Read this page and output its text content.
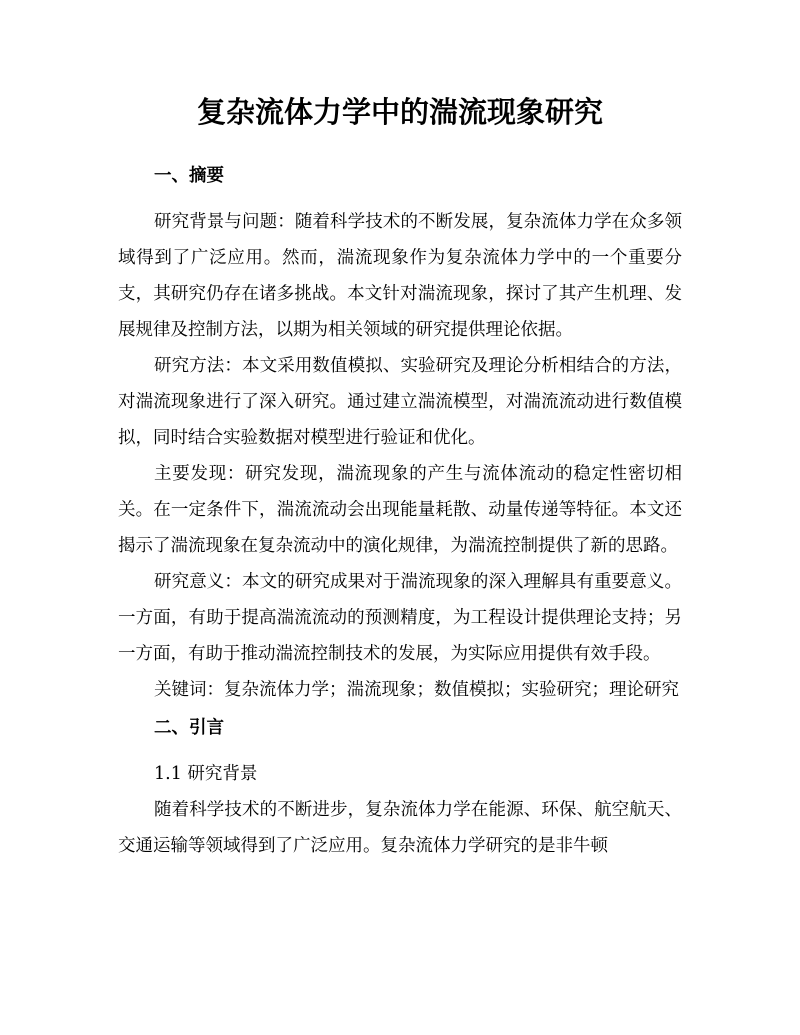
复杂流体力学中的湍流现象研究
一、摘要

研究背景与问题：随着科学技术的不断发展，复杂流体力学在众多领域得到了广泛应用。然而，湍流现象作为复杂流体力学中的一个重要分支，其研究仍存在诸多挑战。本文针对湍流现象，探讨了其产生机理、发展规律及控制方法，以期为相关领域的研究提供理论依据。

研究方法：本文采用数值模拟、实验研究及理论分析相结合的方法，对湍流现象进行了深入研究。通过建立湍流模型，对湍流流动进行数值模拟，同时结合实验数据对模型进行验证和优化。

主要发现：研究发现，湍流现象的产生与流体流动的稳定性密切相关。在一定条件下，湍流流动会出现能量耗散、动量传递等特征。本文还揭示了湍流现象在复杂流动中的演化规律，为湍流控制提供了新的思路。

研究意义：本文的研究成果对于湍流现象的深入理解具有重要意义。一方面，有助于提高湍流流动的预测精度，为工程设计提供理论支持；另一方面，有助于推动湍流控制技术的发展，为实际应用提供有效手段。

关键词：复杂流体力学；湍流现象；数值模拟；实验研究；理论研究

二、引言

1.1 研究背景

随着科学技术的不断进步，复杂流体力学在能源、环保、航空航天、交通运输等领域得到了广泛应用。复杂流体力学研究的是非牛顿
